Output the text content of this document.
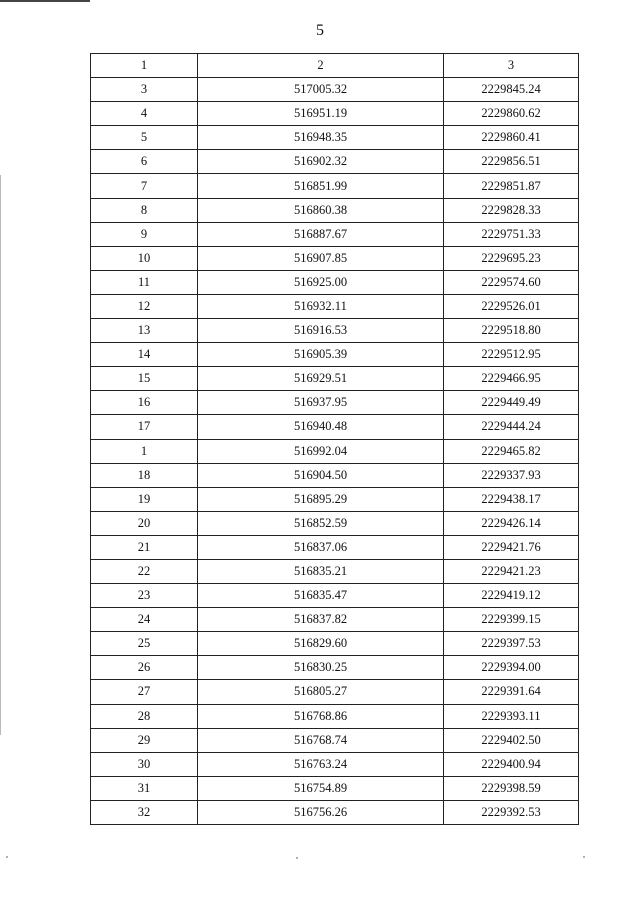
5
1	2	3
3	517005.32	2229845.24
4	516951.19	2229860.62
5	516948.35	2229860.41
6	516902.32	2229856.51
7	516851.99	2229851.87
8	516860.38	2229828.33
9	516887.67	2229751.33
10	516907.85	2229695.23
11	516925.00	2229574.60
12	516932.11	2229526.01
13	516916.53	2229518.80
14	516905.39	2229512.95
15	516929.51	2229466.95
16	516937.95	2229449.49
17	516940.48	2229444.24
1	516992.04	2229465.82
18	516904.50	2229337.93
19	516895.29	2229438.17
20	516852.59	2229426.14
21	516837.06	2229421.76
22	516835.21	2229421.23
23	516835.47	2229419.12
24	516837.82	2229399.15
25	516829.60	2229397.53
26	516830.25	2229394.00
27	516805.27	2229391.64
28	516768.86	2229393.11
29	516768.74	2229402.50
30	516763.24	2229400.94
31	516754.89	2229398.59
32	516756.26	2229392.53
